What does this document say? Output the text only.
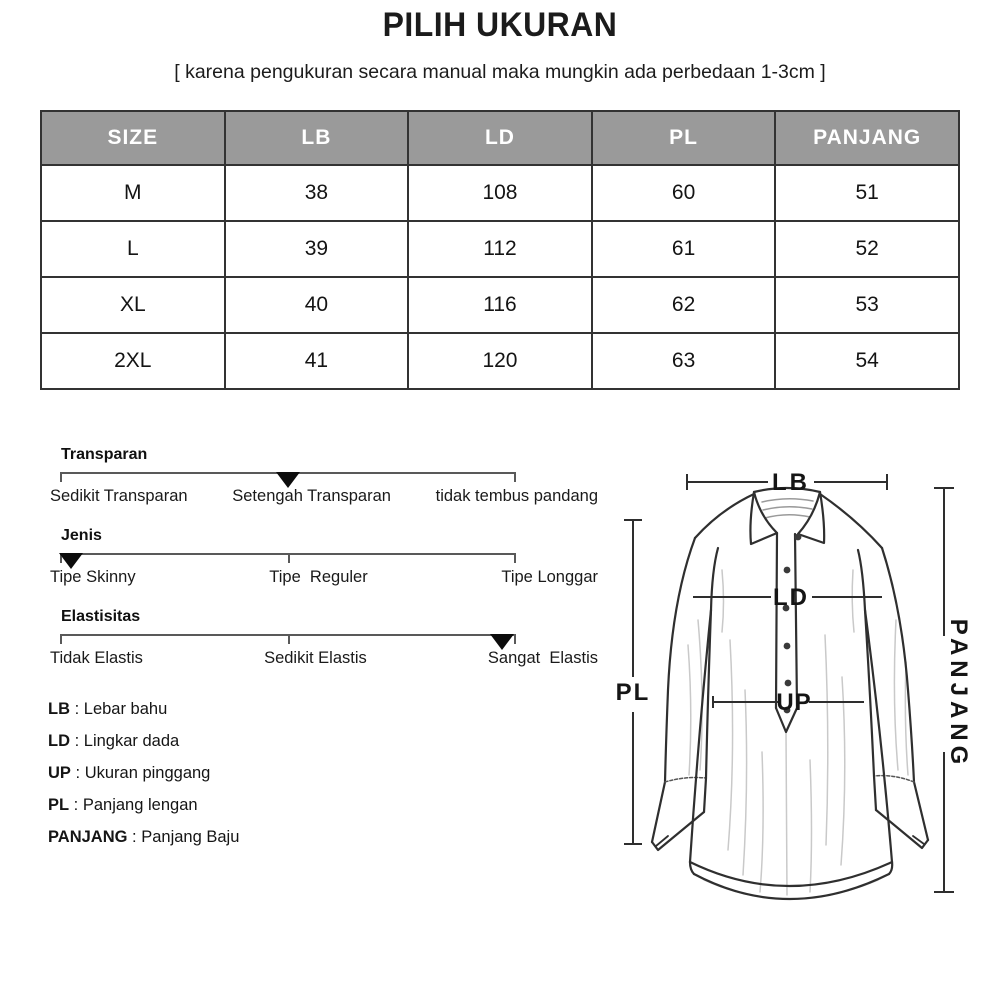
PILIH UKURAN
[ karena pengukuran secara manual maka mungkin ada perbedaan 1-3cm ]
SIZE	LB	LD	PL	PANJANG
M	38	108	60	51
L	39	112	61	52
XL	40	116	62	53
2XL	41	120	63	54
Transparan
Sedikit Transparan	Setengah Transparan	tidak tembus pandang
Jenis
Tipe Skinny	Tipe  Reguler	Tipe Longgar
Elastisitas
Tidak Elastis	Sedikit Elastis	Sangat  Elastis
LB : Lebar bahu
LD : Lingkar dada
UP : Ukuran pinggang
PL : Panjang lengan
PANJANG : Panjang Baju
LB
LD
UP
PL	PANJANG
